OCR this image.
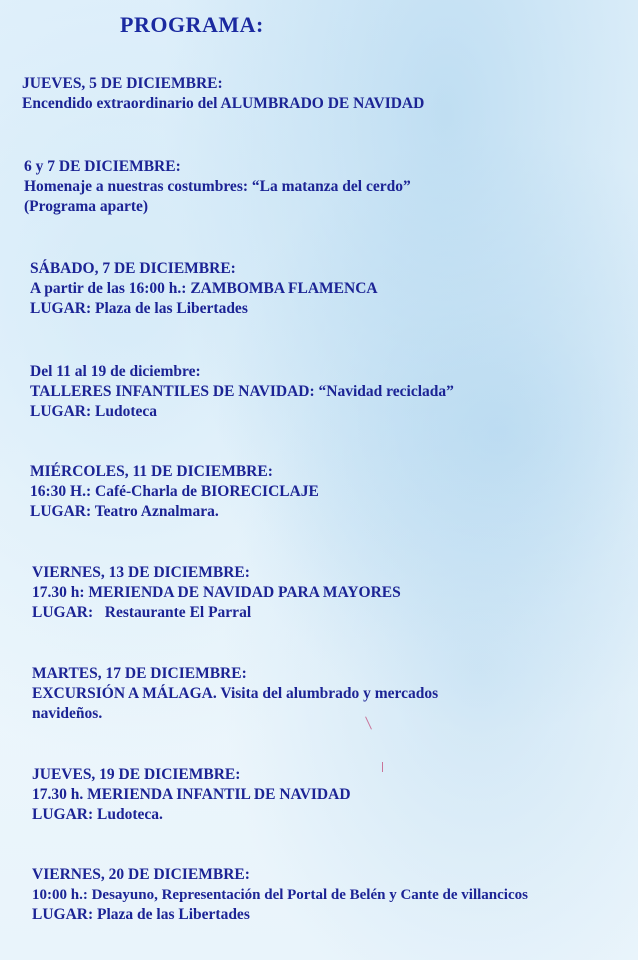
PROGRAMA:
JUEVES, 5 DE DICIEMBRE:
Encendido extraordinario del ALUMBRADO DE NAVIDAD
6 y 7 DE DICIEMBRE:
Homenaje a nuestras costumbres: “La matanza del cerdo”
(Programa aparte)
SÁBADO, 7 DE DICIEMBRE:
A partir de las 16:00 h.: ZAMBOMBA FLAMENCA
LUGAR: Plaza de las Libertades
Del 11 al 19 de diciembre:
TALLERES INFANTILES DE NAVIDAD: “Navidad reciclada”
LUGAR: Ludoteca
MIÉRCOLES, 11 DE DICIEMBRE:
16:30 H.: Café-Charla de BIORECICLAJE
LUGAR: Teatro Aznalmara.
VIERNES, 13 DE DICIEMBRE:
17.30 h: MERIENDA DE NAVIDAD PARA MAYORES
LUGAR:   Restaurante El Parral
MARTES, 17 DE DICIEMBRE:
EXCURSIÓN A MÁLAGA. Visita del alumbrado y mercados
navideños.
JUEVES, 19 DE DICIEMBRE:
17.30 h. MERIENDA INFANTIL DE NAVIDAD
LUGAR: Ludoteca.
VIERNES, 20 DE DICIEMBRE:
10:00 h.: Desayuno, Representación del Portal de Belén y Cante de villancicos
LUGAR: Plaza de las Libertades
